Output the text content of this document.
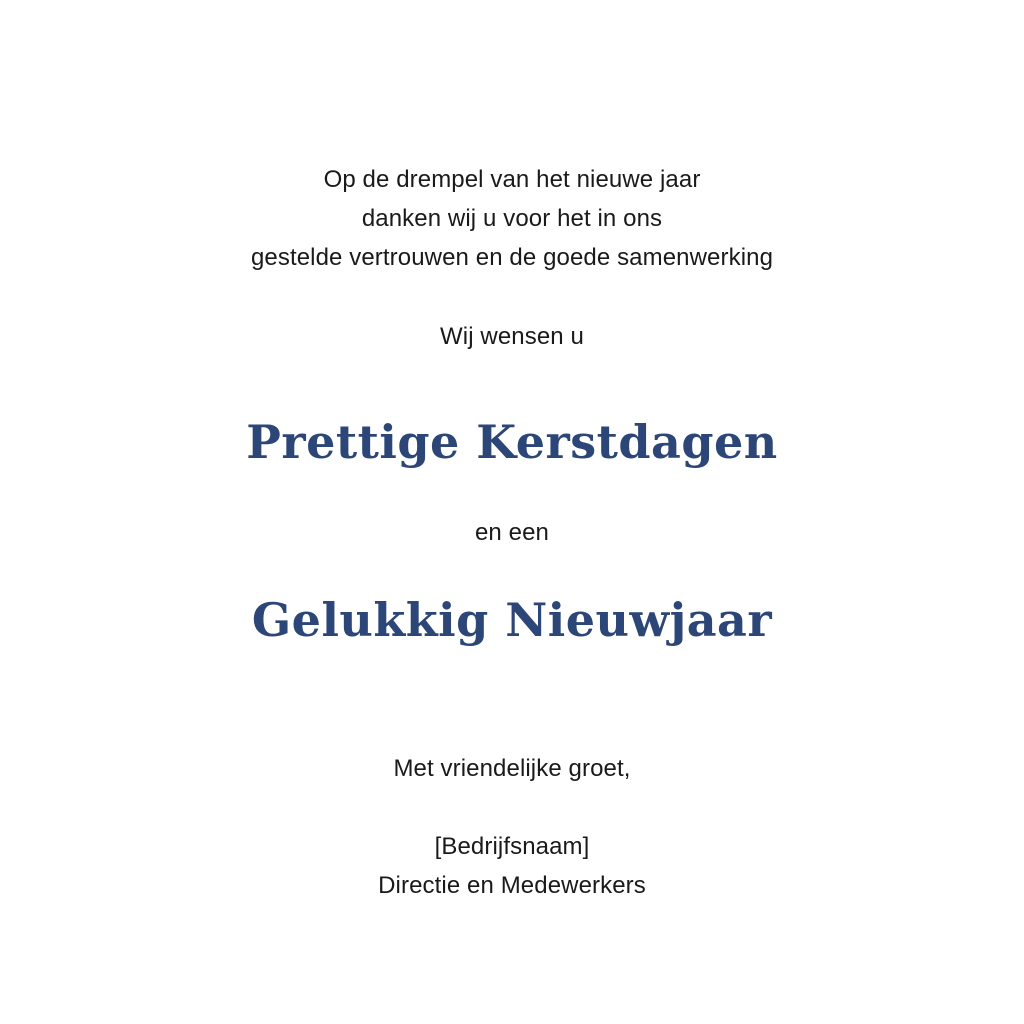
Op de drempel van het nieuwe jaar
danken wij u voor het in ons
gestelde vertrouwen en de goede samenwerking
Wij wensen u
Prettige Kerstdagen
en een
Gelukkig Nieuwjaar
Met vriendelijke groet,
[Bedrijfsnaam]
Directie en Medewerkers
